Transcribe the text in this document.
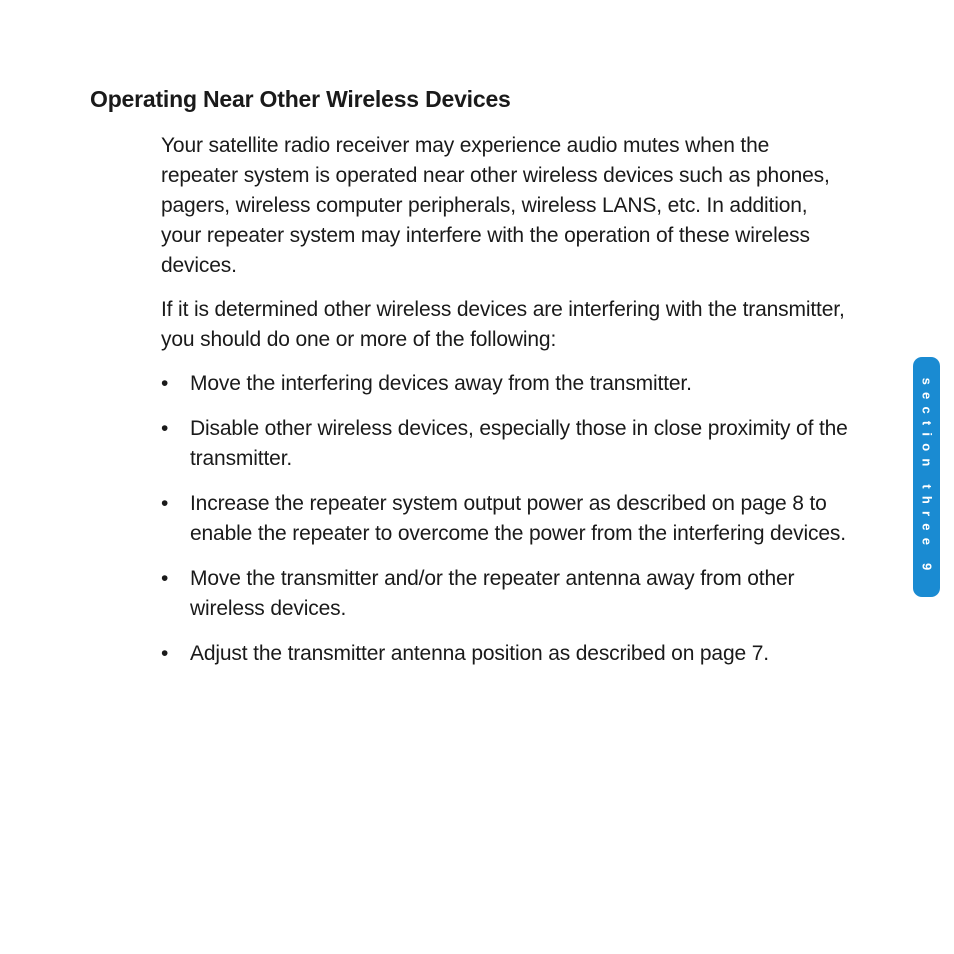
Operating Near Other Wireless Devices

Your satellite radio receiver may experience audio mutes when the repeater system is operated near other wireless devices such as phones, pagers, wireless computer peripherals, wireless LANS, etc. In addition, your repeater system may interfere with the operation of these wireless devices.

If it is determined other wireless devices are interfering with the transmitter, you should do one or more of the following:

• Move the interfering devices away from the transmitter.
• Disable other wireless devices, especially those in close proximity of the transmitter.
• Increase the repeater system output power as described on page 8 to enable the repeater to overcome the power from the interfering devices.
• Move the transmitter and/or the repeater antenna away from other wireless devices.
• Adjust the transmitter antenna position as described on page 7.
section three 9
